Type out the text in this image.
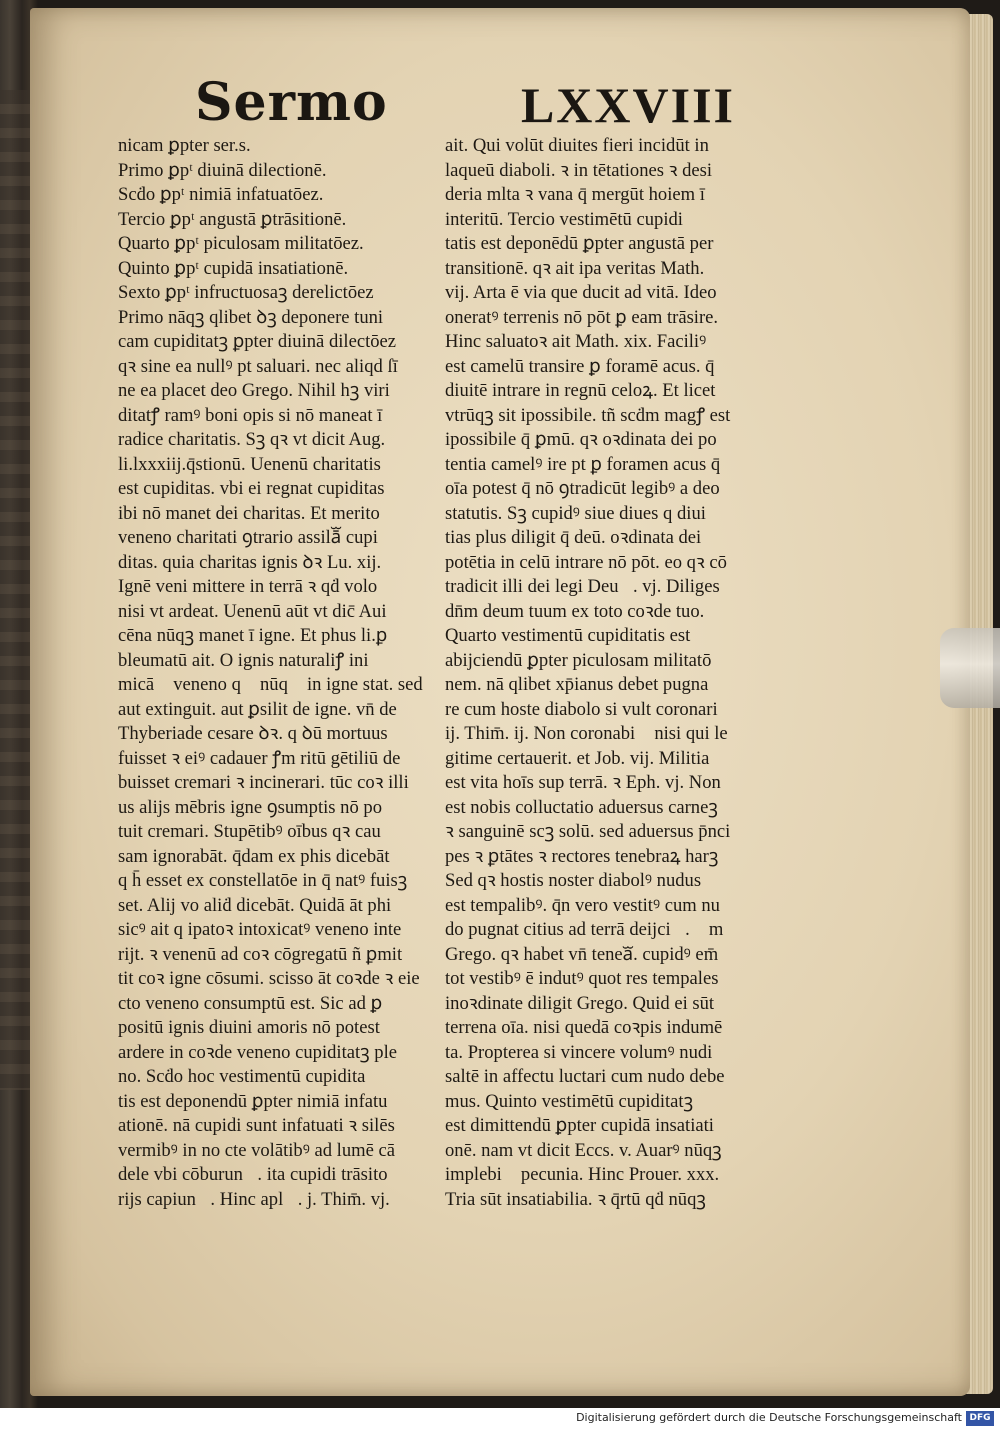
Sermo	LXXVIII
nicam ꝑpter ser.s.
Primo ꝑpᵗ diuinā dilectionē.
Scḋo ꝑpᵗ nimiā infatuatōez.
Tercio ꝑpᵗ angustā ꝑtrāsitionē.
Quarto ꝑpᵗ piculosam militatōez.
Quinto ꝑpᵗ cupidā insatiationē.
Sexto ꝑpᵗ infructuosaꝫ derelictōez
Primo nāqꝫ qlibet ꝺꝫ deponere tuni
cam cupiditatꝫ ꝑpter diuinā dilectōez
qꝛ sine ea nullꝰ pt saluari. nec aliqd ſī
ne ea placet deo Grego. Nihil hꝫ viri
ditatꝭ ramꝰ boni opis si nō maneat ī
radice charitatis. Sꝫ qꝛ vt dicit Aug.
li.lxxxiij.q̄stionū. Uenenū charitatis
est cupiditas. vbi ei regnat cupiditas
ibi nō manet dei charitas. Et merito
veneno charitati ꝯtrario assilāᷓ cupi
ditas. quia charitas ignis ꝺꝛ Lu. xij.
Ignē veni mittere in terrā ꝛ qḋ volo
nisi vt ardeat. Uenenū aūt vt dic̄ Aui
cēna nūqꝫ manet ī igne. Et phus li.ꝑ
bleumatū ait. O ignis naturaliꝭ ini
micāᷓ veneno qꝛ nūqꝫ in igne stat. sed
aut extinguit. aut ꝑsilit de igne. vn̄ de
Thyberiade cesare ꝺꝛ. q ꝺū mortuus
fuisset ꝛ eiꝰ cadauer ꝭm ritū gētiliū de
buisset cremari ꝛ incinerari. tūc coꝛ illi
us alijs mēbris igne ꝯsumptis nō po
tuit cremari. Stupētibꝰ oībus qꝛ cau
sam ignorabāt. q̄dam ex phis dicebāt
q h̄ esset ex constellatōe in q̄ natꝰ fuisꝫ
set. Alij vo aliḋ dicebāt. Quidā āt phi
sicꝰ ait q ipatoꝛ intoxicatꝰ veneno inte
rijt. ꝛ venenū ad coꝛ cōgregatū ñ ꝑmit
tit coꝛ igne cōsumi. scisso āt coꝛde ꝛ eie
cto veneno consumptū est. Sic ad ꝑ
positū ignis diuini amoris nō potest
ardere in coꝛde veneno cupiditatꝫ ple
no. Scḋo hoc vestimentū cupidita
tis est deponendū ꝑpter nimiā infatu
ationē. nā cupidi sunt infatuati ꝛ silēs
vermibꝰ in no cte volātibꝰ ad lumē cā
dele vbi cōburunᷓ. ita cupidi trāsito
rijs capiunᷓ. Hinc aplꝭ. j. Thim̄. vj.
ait. Qui volūt diuites fieri incidūt in
laqueū diaboli. ꝛ in tētationes ꝛ desi
deria mlta ꝛ vana q̄ mergūt hoiem ī
interitū. Tercio vestimētū cupidi
tatis est deponēdū ꝑpter angustā per
transitionē. qꝛ ait ipa veritas Math.
vij. Arta ē via que ducit ad vitā. Ideo
oneratꝰ terrenis nō pōt ꝑ eam trāsire.
Hinc saluatoꝛ ait Math. xix. Faciliꝰ
est camelū transire ꝑ foramē acus. q̄
diuitē intrare in regnū celoꝝ. Et licet
vtrūqꝫ sit ipossibile. tñ scḋm magꝭ est
ipossibile q̄ ꝑmū. qꝛ oꝛdinata dei po
tentia camelꝰ ire pt ꝑ foramen acus q̄
oīa potest q̄ nō ꝯtradicūt legibꝰ a deo
statutis. Sꝫ cupidꝰ siue diues q diui
tias plus diligit q̄ deū. oꝛdinata dei
potētia in celū intrare nō pōt. eo qꝛ cō
tradicit illi dei legi Deuᷓ. vj. Diliges
dn̄m deum tuum ex toto coꝛde tuo.
Quarto vestimentū cupiditatis est
abijciendū ꝑpter piculosam militatō
nem. nā qlibet xp̄ianus debet pugna
re cum hoste diabolo si vult coronari
ij. Thim̄. ij. Non coronabiᷓ nisi qui le
gitime certauerit. et Job. vij. Militia
est vita hoīs sup terrā. ꝛ Eph. vj. Non
est nobis colluctatio aduersus carneꝫ
ꝛ sanguinē scꝫ solū. sed aduersus p̄nci
pes ꝛ ꝑtātes ꝛ rectores tenebraꝝ harꝫ
Sed qꝛ hostis noster diabolꝰ nudus
est tempalibꝰ. q̄n vero vestitꝰ cum nu
do pugnat citius ad terrā deijciᷓ. ꝭm
Grego. qꝛ habet vn̄ teneaᷓ. cupidꝰ em̄
tot vestibꝰ ē indutꝰ quot res tempales
inoꝛdinate diligit Grego. Quid ei sūt
terrena oīa. nisi quedā coꝛpis indumē
ta. Propterea si vincere volumꝰ nudi
saltē in affectu luctari cum nudo debe
mus. Quinto vestimētū cupiditatꝫ
est dimittendū ꝑpter cupidā insatiati
onē. nam vt dicit Eccs. v. Auarꝰ nūqꝫ
implebiᷓ pecunia. Hinc Prouer. xxx.
Tria sūt insatiabilia. ꝛ q̄rtū qḋ nūqꝫ
Digitalisierung gefördert durch die Deutsche Forschungsgemeinschaft DFG
